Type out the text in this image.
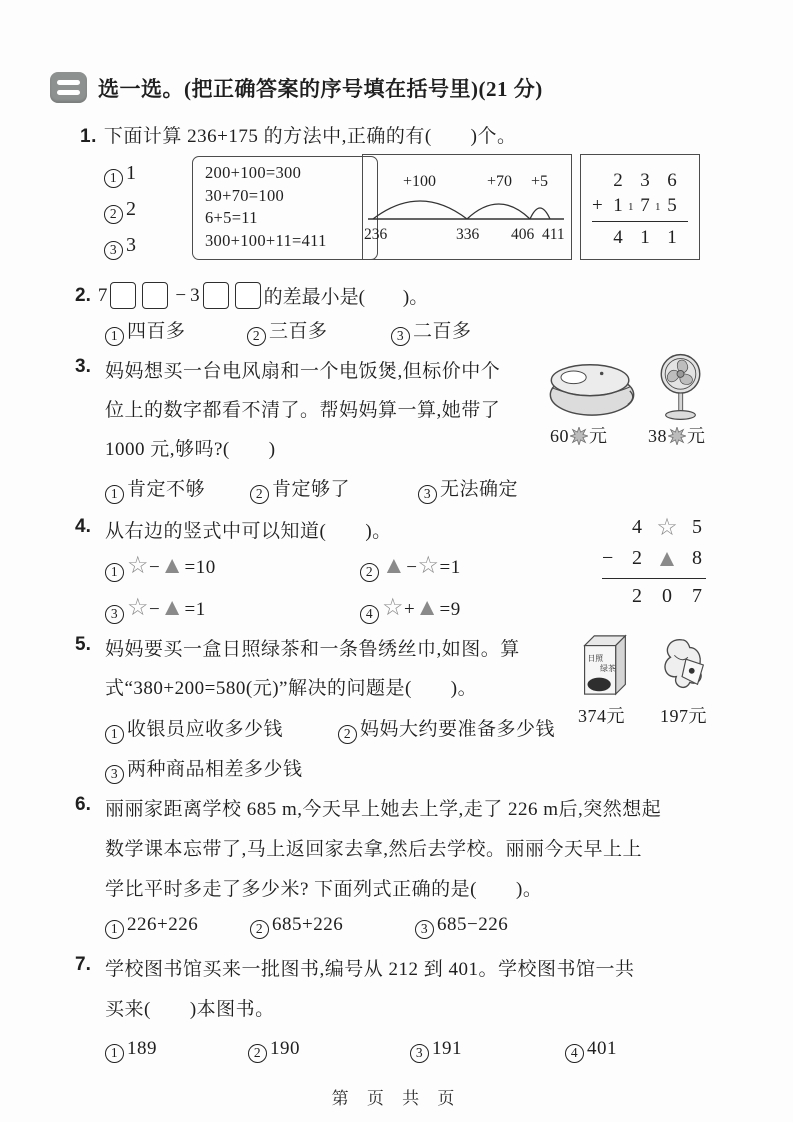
选一选。(把正确答案的序号填在括号里)(21 分)
1. 下面计算 236+175 的方法中,正确的有(　　)个。
1 1
2 2
3 3
200+100=300
30+70=100
6+5=11
300+100+11=411
+100	+70 +5
236	336 406 411
2 3 6
+ 1 1 7 1 5
4 1 1
2. 7	− 3	的差最小是(　　)。
1 四百多	2 三百多	3 二百多
3. 妈妈想买一台电风扇和一个电饭煲,但标价中个
位上的数字都看不清了。帮妈妈算一算,她带了
1000 元,够吗?(　　)
60 元 38 元
1 肯定不够	2 肯定够了	3 无法确定
4. 从右边的竖式中可以知道(　　)。	4 ☆ 5
− 2 ▲ 8
2	0	7
1 ☆−▲=10	2 ▲−☆=1
3 ☆−▲=1	4 ☆+▲=9
5. 妈妈要买一盒日照绿茶和一条鲁绣丝巾,如图。算
式“380+200=580(元)”解决的问题是(　　)。
日照
绿茶
374元 197元
1 收银员应收多少钱	2 妈妈大约要准备多少钱
3 两种商品相差多少钱
6. 丽丽家距离学校 685 m,今天早上她去上学,走了 226 m后,突然想起
数学课本忘带了,马上返回家去拿,然后去学校。丽丽今天早上上
学比平时多走了多少米? 下面列式正确的是(　　)。
1 226+226	2 685+226	3 685−226
7. 学校图书馆买来一批图书,编号从 212 到 401。学校图书馆一共
买来(　　)本图书。
1 189	2 190	3 191	4 401
第 页 共 页
